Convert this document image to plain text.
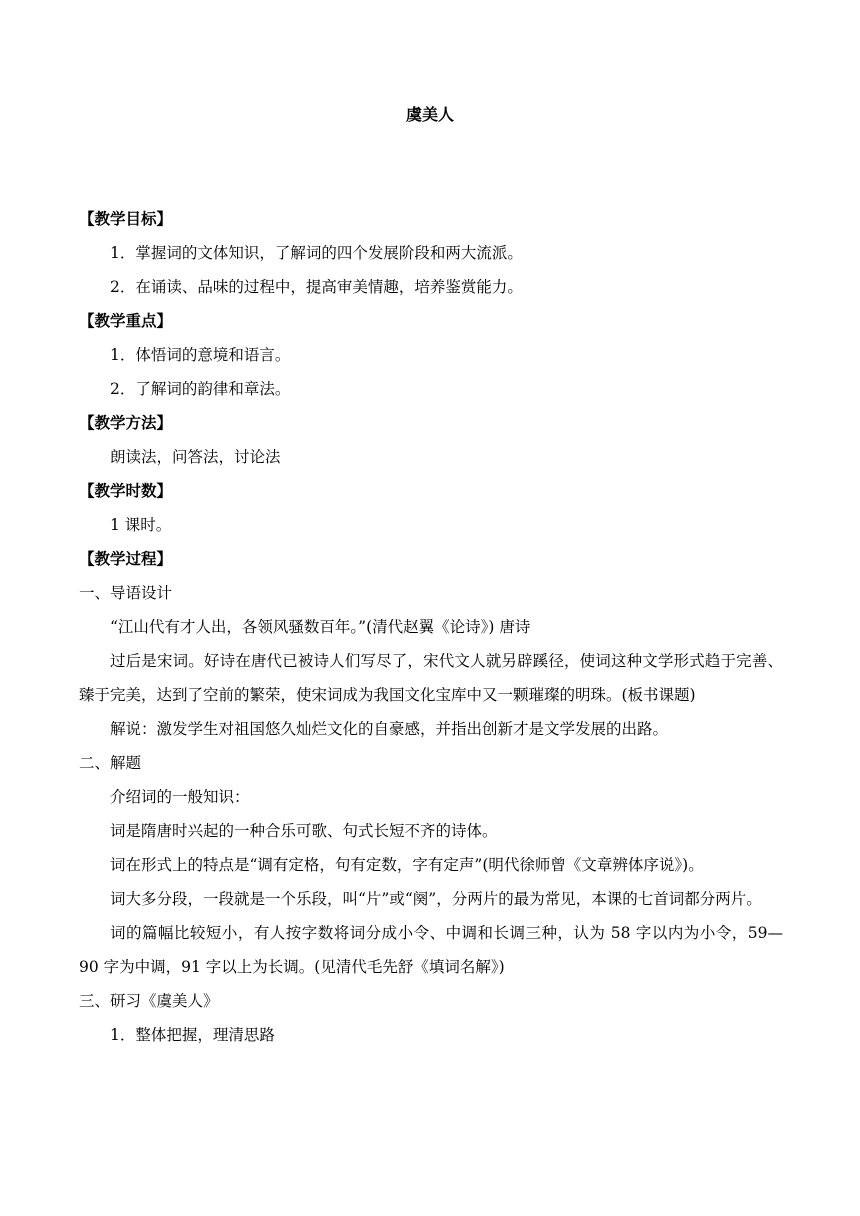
虞美人

【教学目标】

1．掌握词的文体知识，了解词的四个发展阶段和两大流派。

2．在诵读、品味的过程中，提高审美情趣，培养鉴赏能力。

【教学重点】

1．体悟词的意境和语言。

2．了解词的韵律和章法。

【教学方法】

朗读法，问答法，讨论法

【教学时数】

1 课时。

【教学过程】

一、导语设计

“江山代有才人出，各领风骚数百年。”(清代赵翼《论诗》) 唐诗

过后是宋词。好诗在唐代已被诗人们写尽了，宋代文人就另辟蹊径，使词这种文学形式趋于完善、臻于完美，达到了空前的繁荣，使宋词成为我国文化宝库中又一颗璀璨的明珠。(板书课题)

解说：激发学生对祖国悠久灿烂文化的自豪感，并指出创新才是文学发展的出路。

二、解题

介绍词的一般知识：

词是隋唐时兴起的一种合乐可歌、句式长短不齐的诗体。

词在形式上的特点是“调有定格，句有定数，字有定声”(明代徐师曾《文章辨体序说》)。

词大多分段，一段就是一个乐段，叫“片”或“阕”，分两片的最为常见，本课的七首词都分两片。

词的篇幅比较短小，有人按字数将词分成小令、中调和长调三种，认为 58 字以内为小令，59—90 字为中调，91 字以上为长调。(见清代毛先舒《填词名解》)

三、研习《虞美人》

1．整体把握，理清思路
